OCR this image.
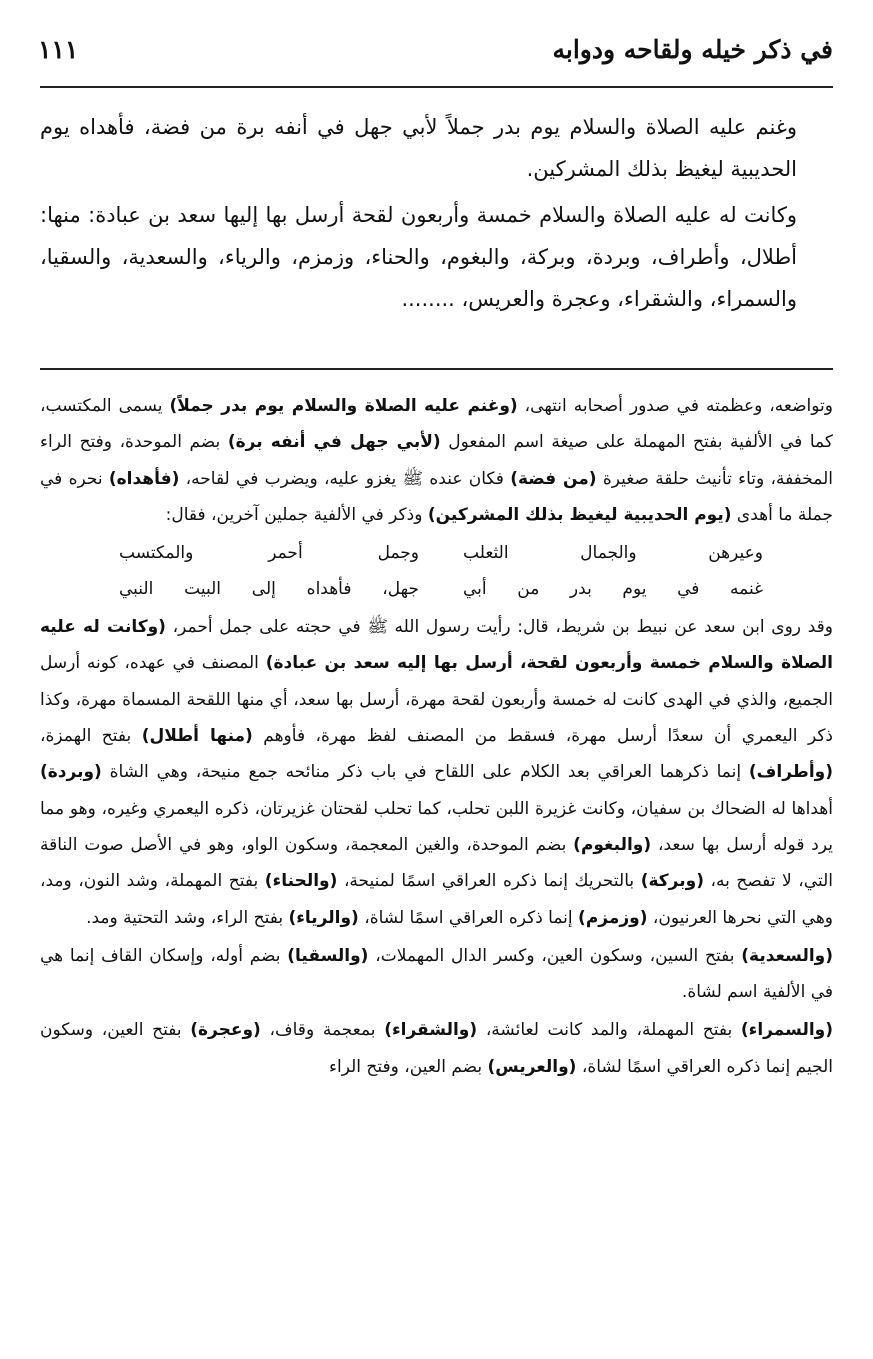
في ذكر خيله ولقاحه ودوابه
١١١

وغنم عليه الصلاة والسلام يوم بدر جملاً لأبي جهل في أنفه برة من فضة، فأهداه يوم الحديبية ليغيظ بذلك المشركين.

وكانت له عليه الصلاة والسلام خمسة وأربعون لقحة أرسل بها إليها سعد بن عبادة: منها: أطلال، وأطراف، وبردة، وبركة، والبغوم، والحناء، وزمزم، والرياء، والسعدية، والسقيا، والسمراء، والشقراء، وعجرة والعريس، ........

وتواضعه، وعظمته في صدور أصحابه انتهى، (وغنم عليه الصلاة والسلام يوم بدر جملاً) يسمى المكتسب، كما في الألفية بفتح المهملة على صيغة اسم المفعول (لأبي جهل في أنفه برة) بضم الموحدة، وفتح الراء المخففة، وتاء تأنيث حلقة صغيرة (من فضة) فكان عنده ﷺ يغزو عليه، ويضرب في لقاحه، (فأهداه) نحره في جملة ما أهدى (يوم الحديبية ليغيظ بذلك المشركين) وذكر في الألفية جملين آخرين، فقال:

وعيرهن والجمال الثعلب
وجمل أحمر والمكتسب
غنمه في يوم بدر من أبي
جهل، فأهداه إلى البيت النبي

وقد روى ابن سعد عن نبيط بن شريط، قال: رأيت رسول الله ﷺ في حجته على جمل أحمر، (وكانت له عليه الصلاة والسلام خمسة وأربعون لقحة، أرسل بها إليه سعد بن عبادة) المصنف في عهده، كونه أرسل الجميع، والذي في الهدى كانت له خمسة وأربعون لقحة مهرة، أرسل بها سعد، أي منها اللقحة المسماة مهرة، وكذا ذكر اليعمري أن سعدًا أرسل مهرة، فسقط من المصنف لفظ مهرة، فأوهم (منها أطلال) بفتح الهمزة، (وأطراف) إنما ذكرهما العراقي بعد الكلام على اللقاح في باب ذكر منائحه جمع منيحة، وهي الشاة (وبردة) أهداها له الضحاك بن سفيان، وكانت غزيرة اللبن تحلب، كما تحلب لقحتان غزيرتان، ذكره اليعمري وغيره، وهو مما يرد قوله أرسل بها سعد، (والبغوم) بضم الموحدة، والغين المعجمة، وسكون الواو، وهو في الأصل صوت الناقة التي، لا تفصح به، (وبركة) بالتحريك إنما ذكره العراقي اسمًا لمنيحة، (والحناء) بفتح المهملة، وشد النون، ومد، وهي التي نحرها العرنيون، (وزمزم) إنما ذكره العراقي اسمًا لشاة، (والرياء) بفتح الراء، وشد التحتية ومد.

(والسعدية) بفتح السين، وسكون العين، وكسر الدال المهملات، (والسقيا) بضم أوله، وإسكان القاف إنما هي في الألفية اسم لشاة.

(والسمراء) بفتح المهملة، والمد كانت لعائشة، (والشقراء) بمعجمة وقاف، (وعجرة) بفتح العين، وسكون الجيم إنما ذكره العراقي اسمًا لشاة، (والعريس) بضم العين، وفتح الراء
